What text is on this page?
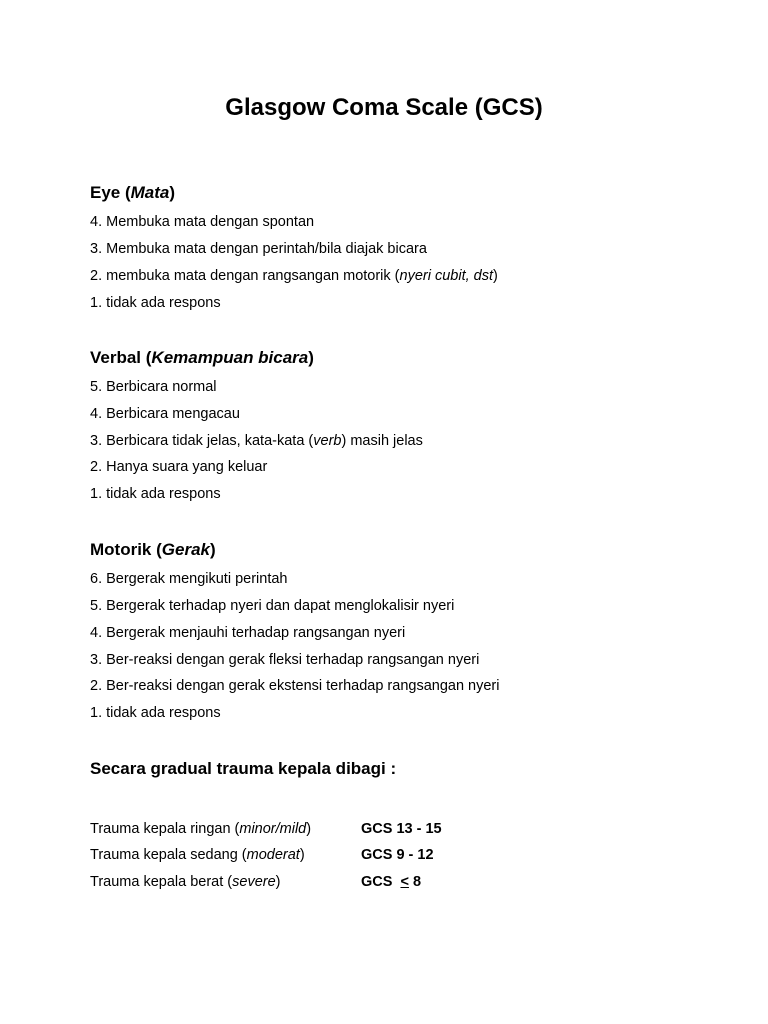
Glasgow Coma Scale (GCS)
Eye (Mata)
4. Membuka mata dengan spontan
3. Membuka mata dengan perintah/bila diajak bicara
2. membuka mata dengan rangsangan motorik (nyeri cubit, dst)
1. tidak ada respons
Verbal (Kemampuan bicara)
5. Berbicara normal
4. Berbicara mengacau
3. Berbicara tidak jelas, kata-kata (verb) masih jelas
2. Hanya suara yang keluar
1. tidak ada respons
Motorik (Gerak)
6. Bergerak mengikuti perintah
5. Bergerak terhadap nyeri dan dapat menglokalisir nyeri
4. Bergerak menjauhi terhadap rangsangan nyeri
3. Ber-reaksi dengan gerak fleksi terhadap rangsangan nyeri
2. Ber-reaksi dengan gerak ekstensi terhadap rangsangan nyeri
1. tidak ada respons
Secara gradual trauma kepala dibagi :
Trauma kepala ringan (minor/mild)	GCS 13 - 15
Trauma kepala sedang (moderat)	GCS 9 - 12
Trauma kepala berat (severe)	GCS  ≤ 8
